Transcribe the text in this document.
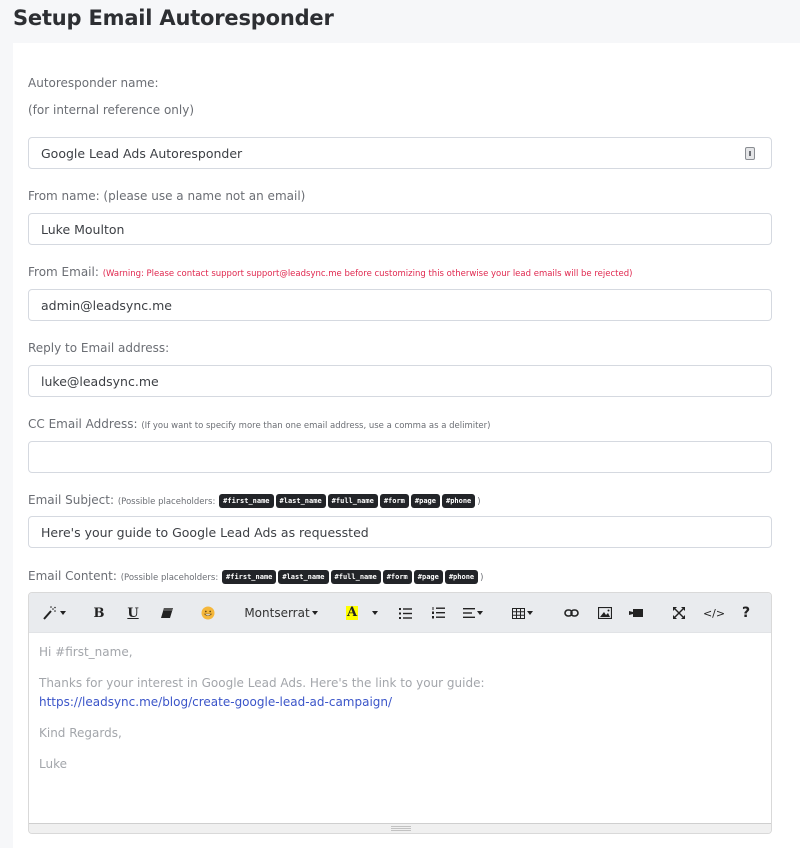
Setup Email Autoresponder
Autoresponder name:
(for internal reference only)
Google Lead Ads Autoresponder
From name: (please use a name not an email)
Luke Moulton
From Email: (Warning: Please contact support support@leadsync.me before customizing this otherwise your lead emails will be rejected)
admin@leadsync.me
Reply to Email address:
luke@leadsync.me
CC Email Address: (If you want to specify more than one email address, use a comma as a delimiter)
Email Subject: (Possible placeholders: #first_name #last_name #full_name #form #page #phone )
Here's your guide to Google Lead Ads as requessted
Email Content: (Possible placeholders: #first_name #last_name #full_name #form #page #phone )
B U	Montserrat	A	</> ?

Hi #first_name,

Thanks for your interest in Google Lead Ads. Here's the link to your guide:
https://leadsync.me/blog/create-google-lead-ad-campaign/

Kind Regards,

Luke
